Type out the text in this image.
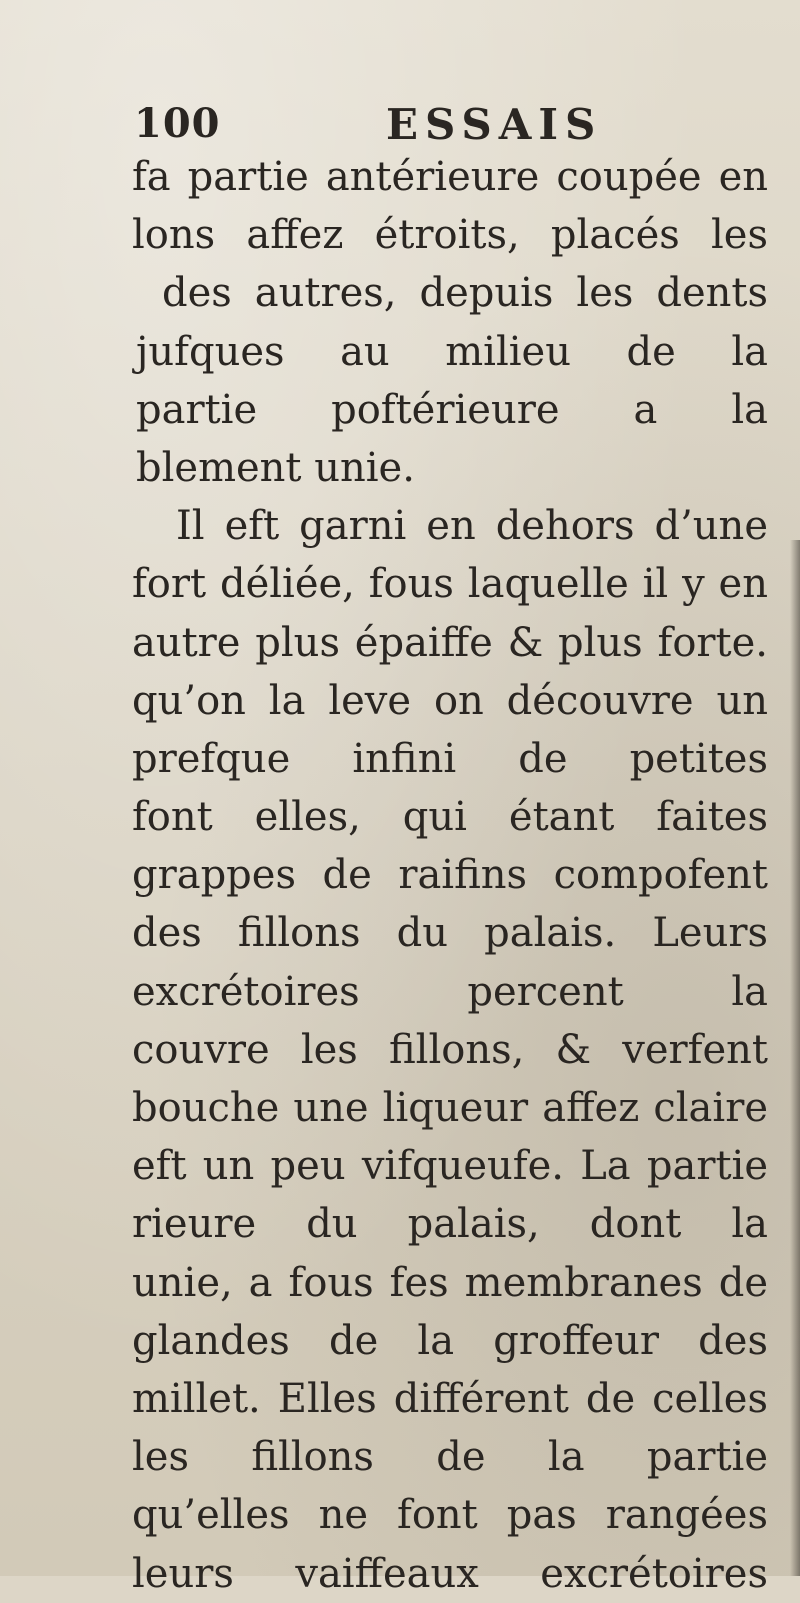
100	ESSAIS
fa partie antérieure coupée en
lons affez étroits, placés les
des autres, depuis les dents
jufques au milieu de la
partie poftérieure a la
blement unie.
Il eft garni en dehors d’une
fort déliée, fous laquelle il y en
autre plus épaiffe & plus forte.
qu’on la leve on découvre un
prefque infini de petites
font elles, qui étant faites
grappes de raifins compofent
des fillons du palais. Leurs
excrétoires percent la
couvre les fillons, & verfent
bouche une liqueur affez claire
eft un peu vifqueufe. La partie
rieure du palais, dont la
unie, a fous fes membranes de
glandes de la groffeur des
millet. Elles différent de celles
les fillons de la partie
qu’elles ne font pas rangées
leurs vaiffeaux excrétoires
